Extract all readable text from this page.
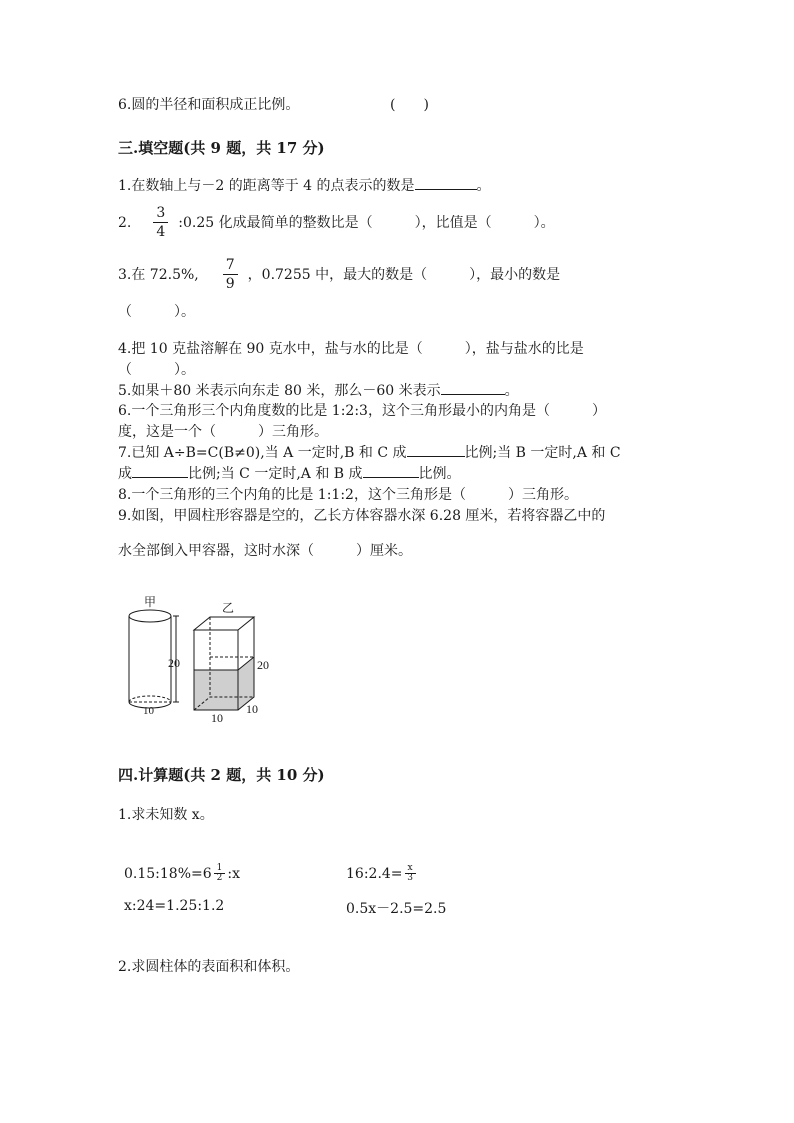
6.圆的半径和面积成正比例。	(　　)
三.填空题(共 9 题，共 17 分)
1.在数轴上与－2 的距离等于 4 的点表示的数是	。
2. $\frac{3}{4}$ :0.25 化成最简单的整数比是（　　　），比值是（　　　）。
3.在 72.5%, $\frac{7}{9}$ ，0.7255 中，最大的数是（　　　），最小的数是
（　　　）。
4.把 10 克盐溶解在 90 克水中，盐与水的比是（　　　），盐与盐水的比是
（　　　）。
5.如果＋80 米表示向东走 80 米，那么－60 米表示	。
6.一个三角形三个内角度数的比是 1:2:3，这个三角形最小的内角是（　　　）
度，这是一个（　　　）三角形。
7.已知 A÷B=C(B≠0),当 A 一定时,B 和 C 成	比例;当 B 一定时,A 和 C
成	比例;当 C 一定时,A 和 B 成	比例。
8.一个三角形的三个内角的比是 1:1:2，这个三角形是（　　　）三角形。
9.如图，甲圆柱形容器是空的，乙长方体容器水深 6.28 厘米，若将容器乙中的
水全部倒入甲容器，这时水深（　　　）厘米。
甲	乙
20
10
20
10
10
四.计算题(共 2 题，共 10 分)
1.求未知数 x。
0.15:18%=6 $\frac{1}{2}$ :x	16:2.4= $\frac{x}{3}$
x:24=1.25:1.2	0.5x－2.5=2.5
2.求圆柱体的表面积和体积。
